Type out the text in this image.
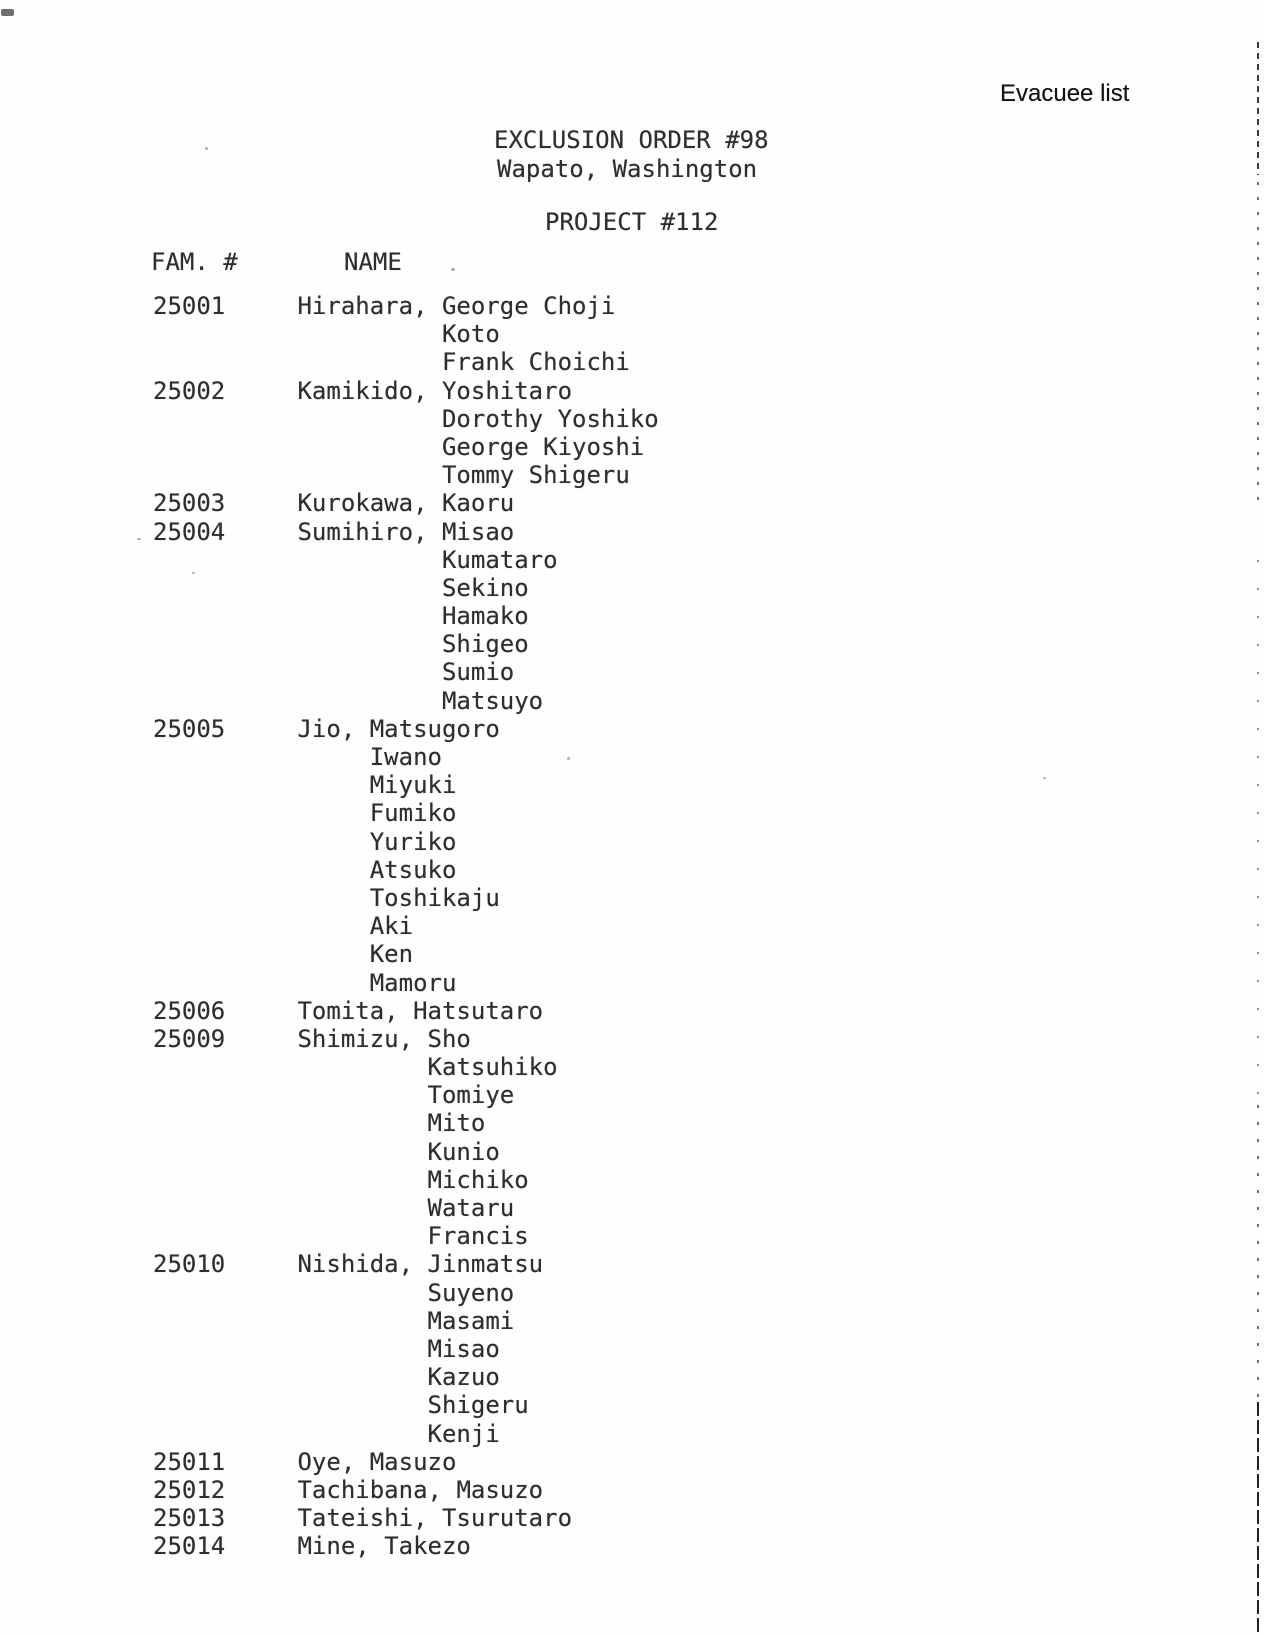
Evacuee list
EXCLUSION ORDER #98
Wapato, Washington
PROJECT #112
FAM. #	NAME
25001	Hirahara, George Choji
Koto
Frank Choichi
25002	Kamikido, Yoshitaro
Dorothy Yoshiko
George Kiyoshi
Tommy Shigeru
25003	Kurokawa, Kaoru
25004	Sumihiro, Misao
Kumataro
Sekino
Hamako
Shigeo
Sumio
Matsuyo
25005	Jio, Matsugoro
Iwano
Miyuki
Fumiko
Yuriko
Atsuko
Toshikaju
Aki
Ken
Mamoru
25006	Tomita, Hatsutaro
25009	Shimizu, Sho
Katsuhiko
Tomiye
Mito
Kunio
Michiko
Wataru
Francis
25010	Nishida, Jinmatsu
Suyeno
Masami
Misao
Kazuo
Shigeru
Kenji
25011	Oye, Masuzo
25012	Tachibana, Masuzo
25013	Tateishi, Tsurutaro
25014	Mine, Takezo
